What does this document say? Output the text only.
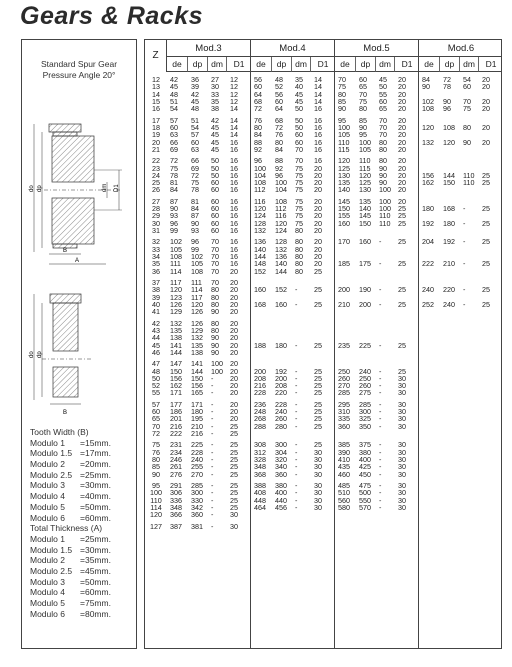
Gears & Racks
Standard Spur Gear
Pressure Angle 20°
do dp	dm D1
B
A
do dp
B
Tooth Width (B)
Modulo 1 =15mm.
Modulo 1.5 =17mm.
Modulo 2 =20mm.
Modulo 2.5 =25mm.
Modulo 3 =30mm.
Modulo 4 =40mm.
Modulo 5 =50mm.
Modulo 6 =60mm.
Total Thickness (A)
Modulo 1 =25mm.
Modulo 1.5 =30mm.
Modulo 2 =35mm.
Modulo 2.5 =45mm.
Modulo 3 =50mm.
Modulo 4 =60mm.
Modulo 5 =75mm.
Modulo 6 =80mm.
Z
Mod.3
de	dp	dm	D1
Mod.4
de	dp	dm	D1
Mod.5
de	dp	dm	D1
Mod.6
de	dp	dm	D1
12	42 36 27 12 56 48 35 14 70 60 45 20 84 72 54 20
13	45 39 30 12 60 52 40 14 75 65 50 20 90 78 60 20
14	48 42 33 12 64 56 45 14 80 70 55 20
15	51 45 35 12 68 60 45 14 85 75 60 20 102 90 70 20
16	54 48 38 14 72 64 50 16 90 80 65 20 108 96 75 20
17	57 51 42 14 76 68 50 16 95 85 70 20
18	60 54 45 14 80 72 50 16 100 90 70 20 120 108 80 20
19	63 57 45 14 84 76 60 16 105 95 70 20
20	66 60 45 16 88 80 60 16 110 100 80 20 132 120 90 20
21	69 63 45 16 92 84 70 16 115 105 80 20
22	72 66 50 16 96 88 70 16 120 110 80 20
23	75 69 50 16 100 92 75 20 125 115 90 20
24	78 72 50 16 104 96 75 20 130 120 90 20 156 144 110 25
25	81 75 60 16 108 100 75 20 135 125 90 20 162 150 110 25
26	84 78 60 16 112 104 75 20 140 130 100 20
27	87 81 60 16 116 108 75 20 145 135 100 20
28	90 84 60 16 120 112 75 20 150 140 100 25 180 168 - 25
29	93 87 60 16 124 116 75 20 155 145 110 25
30	96 90 60 16 128 120 75 20 160 150 110 25 192 180 - 25
31	99 93 60 16 132 124 80 20
32	102 96 70 16 136 128 80 20 170 160 - 25 204 192 - 25
33	105 99 70 16 140 132 80 20
34	108 102 70 16 144 136 80 20
35	111 105 70 16 148 140 80 20 185 175 - 25 222 210 - 25
36	114 108 70 20 152 144 80 25
37	117 111 70 20
38	120 114 80 20 160 152 - 25 200 190 - 25 240 220 - 25
39	123 117 80 20
40	126 120 80 20 168 160 - 25 210 200 - 25 252 240 - 25
41	129 126 90 20
42	132 126 80 20
43	135 129 80 20
44	138 132 90 20
45	141 135 90 20 188 180 - 25 235 225 - 25
46	144 138 90 20
47	147 141 100 20
48	150 144 100 20 200 192 - 25 250 240 - 25
50	156 150 - 20 208 200 - 25 260 250 - 30
52	162 156 - 20 216 208 - 25 270 260 - 30
55	171 165 - 20 228 220 - 25 285 275 - 30
57	177 171 - 20 236 228 - 25 295 285 - 30
60	186 180 - 20 248 240 - 25 310 300 - 30
65	201 195 - 20 268 260 - 25 335 325 - 30
70	216 210 - 25 288 280 - 25 360 350 - 30
72	222 216 - 25
75	231 225 - 25 308 300 - 25 385 375 - 30
76	234 228 - 25 312 304 - 30 390 380 - 30
80	246 240 - 25 328 320 - 30 410 400 - 30
85	261 255 - 25 348 340 - 30 435 425 - 30
90	276 270 - 25 368 360 - 30 460 450 - 30
95	291 285 - 25 388 380 - 30 485 475 - 30
100	306 300 - 25 408 400 - 30 510 500 - 30
110	336 330 - 25 448 440 - 30 560 550 - 30
114	348 342 - 25 464 456 - 30 580 570 - 30
120	366 360 - 30
127	387 381 - 30
